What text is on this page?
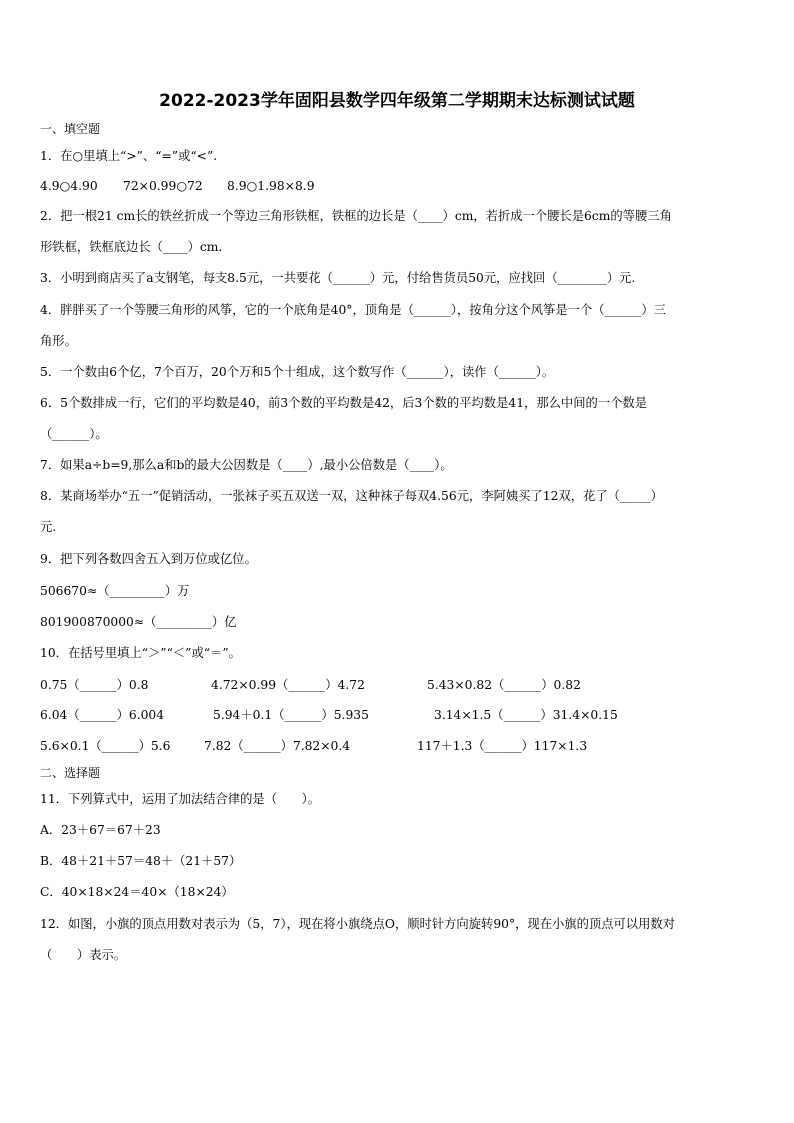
2022-2023学年固阳县数学四年级第二学期期末达标测试试题
一、填空题
1．在○里填上“>”、“=”或“<”.
4.9○4.90 72×0.99○72 8.9○1.98×8.9
2．把一根21 cm长的铁丝折成一个等边三角形铁框，铁框的边长是（____）cm，若折成一个腰长是6cm的等腰三角
形铁框，铁框底边长（____）cm.
3．小明到商店买了a支钢笔，每支8.5元，一共要花（______）元，付给售货员50元，应找回（________）元.
4．胖胖买了一个等腰三角形的风筝，它的一个底角是40°，顶角是（______），按角分这个风筝是一个（______）三
角形。
5．一个数由6个亿，7个百万，20个万和5个十组成，这个数写作（______），读作（______）。
6．5个数排成一行，它们的平均数是40，前3个数的平均数是42，后3个数的平均数是41，那么中间的一个数是
（______）。
7．如果a÷b=9,那么a和b的最大公因数是（____）,最小公倍数是（____）。
8．某商场举办“五一”促销活动，一张袜子买五双送一双，这种袜子每双4.56元，李阿姨买了12双，花了（_____）
元.
9．把下列各数四舍五入到万位或亿位。
506670≈（_________）万
801900870000≈（_________）亿
10．在括号里填上“＞”“＜”或“＝”。
0.75（______）0.8	4.72×0.99（______）4.72	5.43×0.82（______）0.82
6.04（______）6.004	5.94＋0.1（______）5.935	3.14×1.5（______）31.4×0.15
5.6×0.1（______）5.6	7.82（______）7.82×0.4	117＋1.3（______）117×1.3
二、选择题
11．下列算式中，运用了加法结合律的是（　　）。
A．23＋67＝67＋23
B．48＋21＋57＝48＋（21＋57）
C．40×18×24＝40×（18×24）
12．如图，小旗的顶点用数对表示为（5，7），现在将小旗绕点O，顺时针方向旋转90°，现在小旗的顶点可以用数对
（　　）表示。
